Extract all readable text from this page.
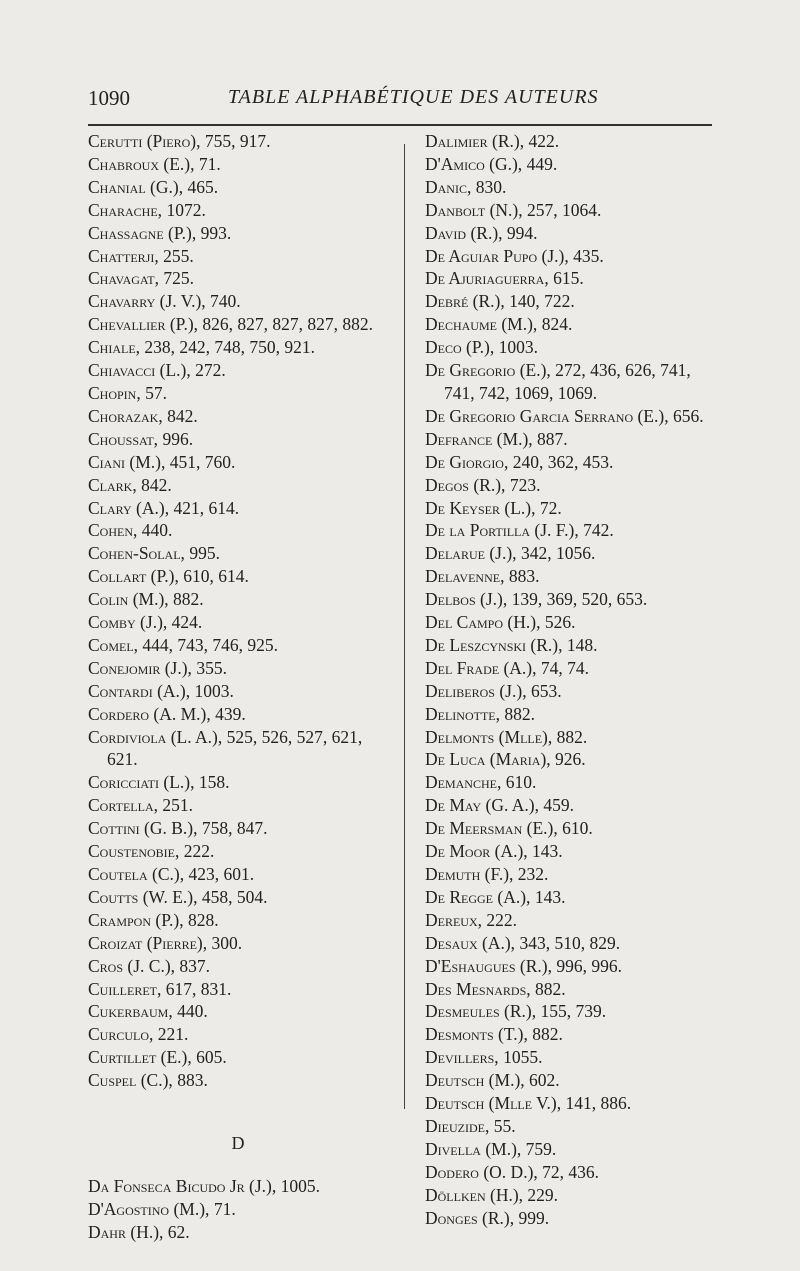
1090	TABLE ALPHABÉTIQUE DES AUTEURS
Cerutti (Piero), 755, 917.
Chabroux (E.), 71.
Chanial (G.), 465.
Charache, 1072.
Chassagne (P.), 993.
Chatterji, 255.
Chavagat, 725.
Chavarry (J. V.), 740.
Chevallier (P.), 826, 827, 827, 827, 882.
Chiale, 238, 242, 748, 750, 921.
Chiavacci (L.), 272.
Chopin, 57.
Chorazak, 842.
Choussat, 996.
Ciani (M.), 451, 760.
Clark, 842.
Clary (A.), 421, 614.
Cohen, 440.
Cohen-Solal, 995.
Collart (P.), 610, 614.
Colin (M.), 882.
Comby (J.), 424.
Comel, 444, 743, 746, 925.
Conejomir (J.), 355.
Contardi (A.), 1003.
Cordero (A. M.), 439.
Cordiviola (L. A.), 525, 526, 527, 621, 621.
Coricciati (L.), 158.
Cortella, 251.
Cottini (G. B.), 758, 847.
Coustenobie, 222.
Coutela (C.), 423, 601.
Coutts (W. E.), 458, 504.
Crampon (P.), 828.
Croizat (Pierre), 300.
Cros (J. C.), 837.
Cuilleret, 617, 831.
Cukerbaum, 440.
Curculo, 221.
Curtillet (E.), 605.
Cuspel (C.), 883.
D
Da Fonseca Bicudo Jr (J.), 1005.
D'Agostino (M.), 71.
Dahr (H.), 62.
Dalimier (R.), 422.
D'Amico (G.), 449.
Danic, 830.
Danbolt (N.), 257, 1064.
David (R.), 994.
De Aguiar Pupo (J.), 435.
De Ajuriaguerra, 615.
Debré (R.), 140, 722.
Dechaume (M.), 824.
Deco (P.), 1003.
De Gregorio (E.), 272, 436, 626, 741, 741, 742, 1069, 1069.
De Gregorio Garcia Serrano (E.), 656.
Defrance (M.), 887.
De Giorgio, 240, 362, 453.
Degos (R.), 723.
De Keyser (L.), 72.
De la Portilla (J. F.), 742.
Delarue (J.), 342, 1056.
Delavenne, 883.
Delbos (J.), 139, 369, 520, 653.
Del Campo (H.), 526.
De Leszcynski (R.), 148.
Del Frade (A.), 74, 74.
Deliberos (J.), 653.
Delinotte, 882.
Delmonts (Mlle), 882.
De Luca (Maria), 926.
Demanche, 610.
De May (G. A.), 459.
De Meersman (E.), 610.
De Moor (A.), 143.
Demuth (F.), 232.
De Regge (A.), 143.
Dereux, 222.
Desaux (A.), 343, 510, 829.
D'Eshaugues (R.), 996, 996.
Des Mesnards, 882.
Desmeules (R.), 155, 739.
Desmonts (T.), 882.
Devillers, 1055.
Deutsch (M.), 602.
Deutsch (Mlle V.), 141, 886.
Dieuzide, 55.
Divella (M.), 759.
Dodero (O. D.), 72, 436.
Döllken (H.), 229.
Donges (R.), 999.
